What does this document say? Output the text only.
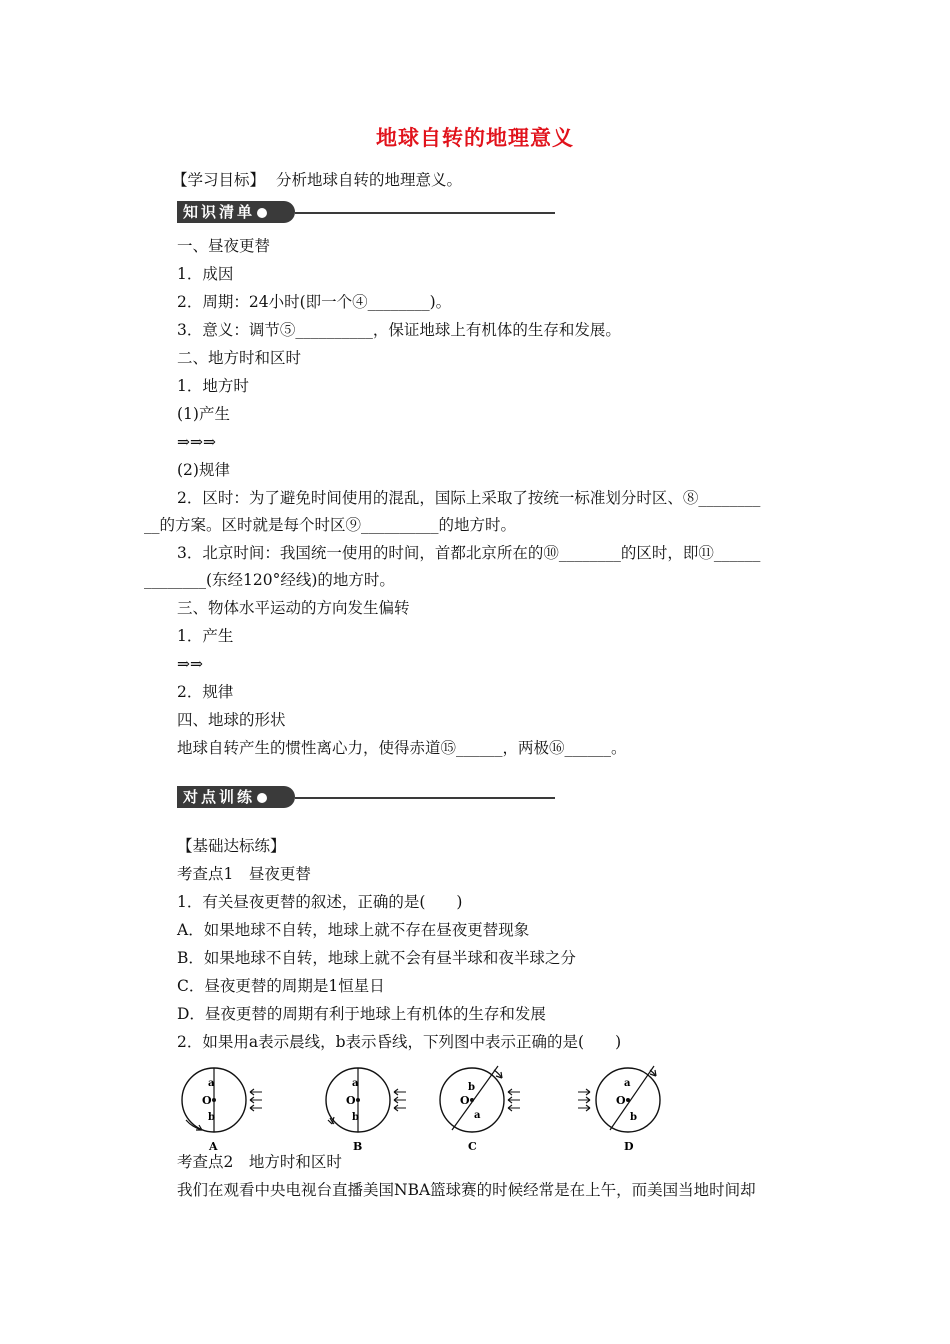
地球自转的地理意义
【学习目标】 分析地球自转的地理意义。
知识清单
一、昼夜更替
1．成因
2．周期：24小时(即一个④________)。
3．意义：调节⑤__________，保证地球上有机体的生存和发展。
二、地方时和区时
1．地方时
(1)产生
⇒⇒⇒
(2)规律
2．区时：为了避免时间使用的混乱，国际上采取了按统一标准划分时区、⑧________
__的方案。区时就是每个时区⑨__________的地方时。
3．北京时间：我国统一使用的时间，首都北京所在的⑩________的区时，即⑪______
________(东经120°经线)的地方时。
三、物体水平运动的方向发生偏转
1．产生
⇒⇒
2．规律
四、地球的形状
地球自转产生的惯性离心力，使得赤道⑮______，两极⑯______。
对点训练
【基础达标练】
考查点1　昼夜更替
1．有关昼夜更替的叙述，正确的是(　　)
A．如果地球不自转，地球上就不存在昼夜更替现象
B．如果地球不自转，地球上就不会有昼半球和夜半球之分
C．昼夜更替的周期是1恒星日
D．昼夜更替的周期有利于地球上有机体的生存和发展
2．如果用a表示晨线，b表示昏线，下列图中表示正确的是(　　)
a
O
b
A
a
O
b
B
b
O
a
C
a
O
b
D
考查点2　地方时和区时
我们在观看中央电视台直播美国NBA篮球赛的时候经常是在上午，而美国当地时间却
